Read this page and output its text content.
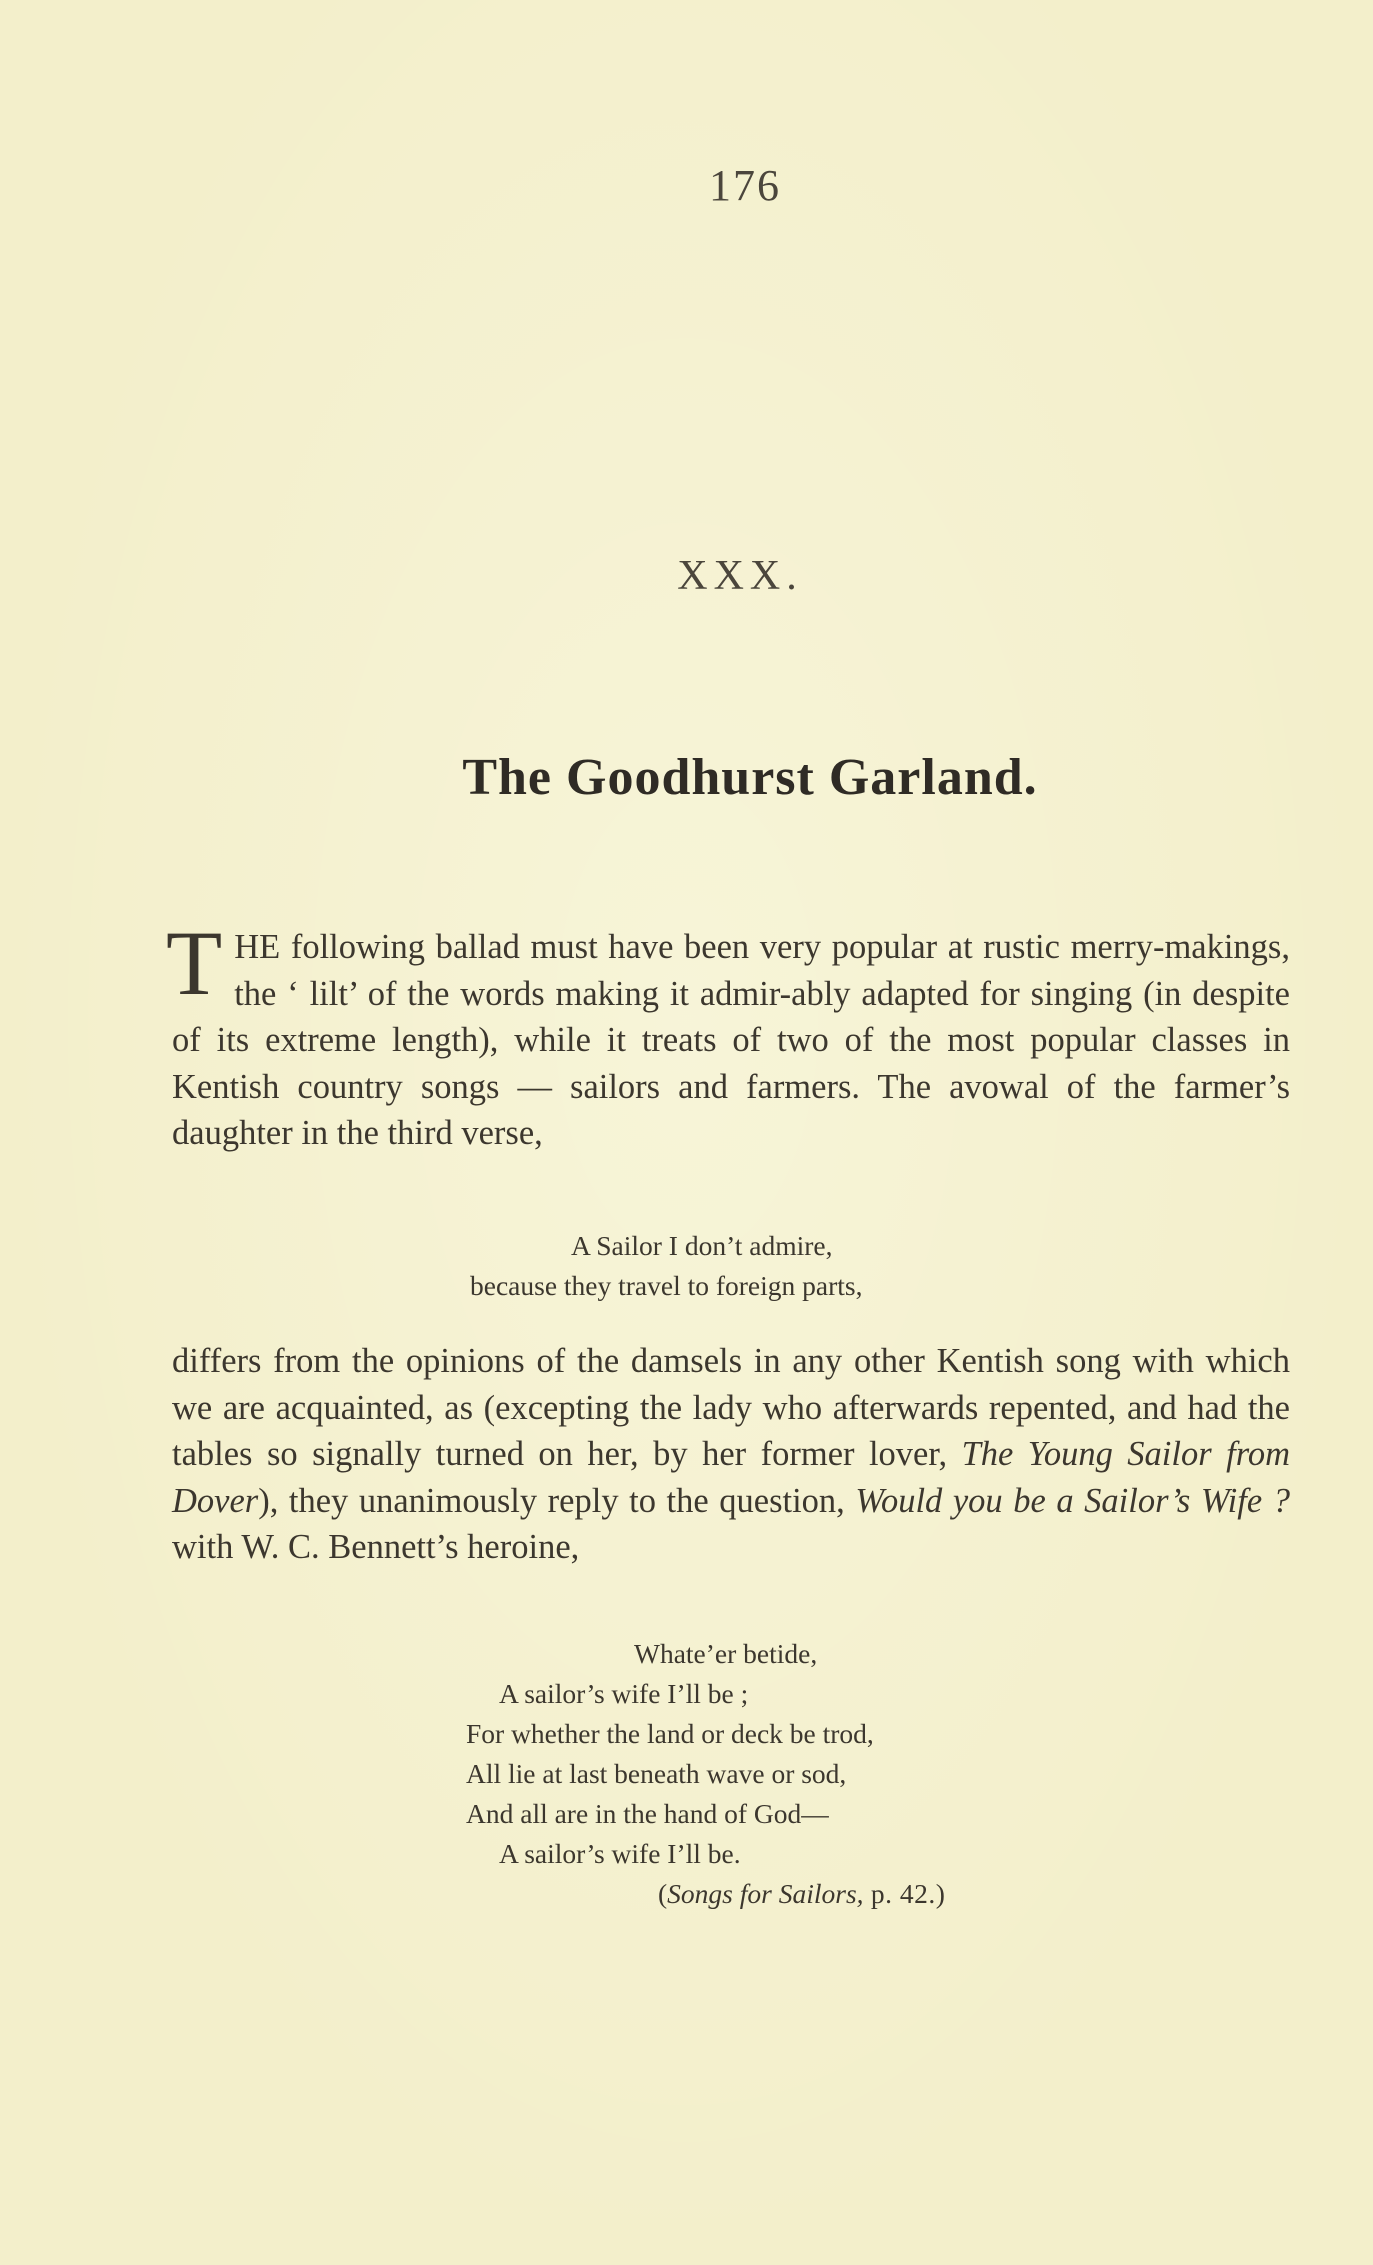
176
XXX.
The Goodhurst Garland.

THE following ballad must have been very popular at rustic merry-makings, the ‘ lilt’ of the words making it admir-ably adapted for singing (in despite of its extreme length), while it treats of two of the most popular classes in Kentish country songs — sailors and farmers. The avowal of the farmer’s daughter in the third verse,

A Sailor I don’t admire,
because they travel to foreign parts,

differs from the opinions of the damsels in any other Kentish song with which we are acquainted, as (excepting the lady who afterwards repented, and had the tables so signally turned on her, by her former lover, The Young Sailor from Dover), they unanimously reply to the question, Would you be a Sailor’s Wife ? with W. C. Bennett’s heroine,

Whate’er betide,
A sailor’s wife I’ll be ;
For whether the land or deck be trod,
All lie at last beneath wave or sod,
And all are in the hand of God—
A sailor’s wife I’ll be.
(Songs for Sailors, p. 42.)
